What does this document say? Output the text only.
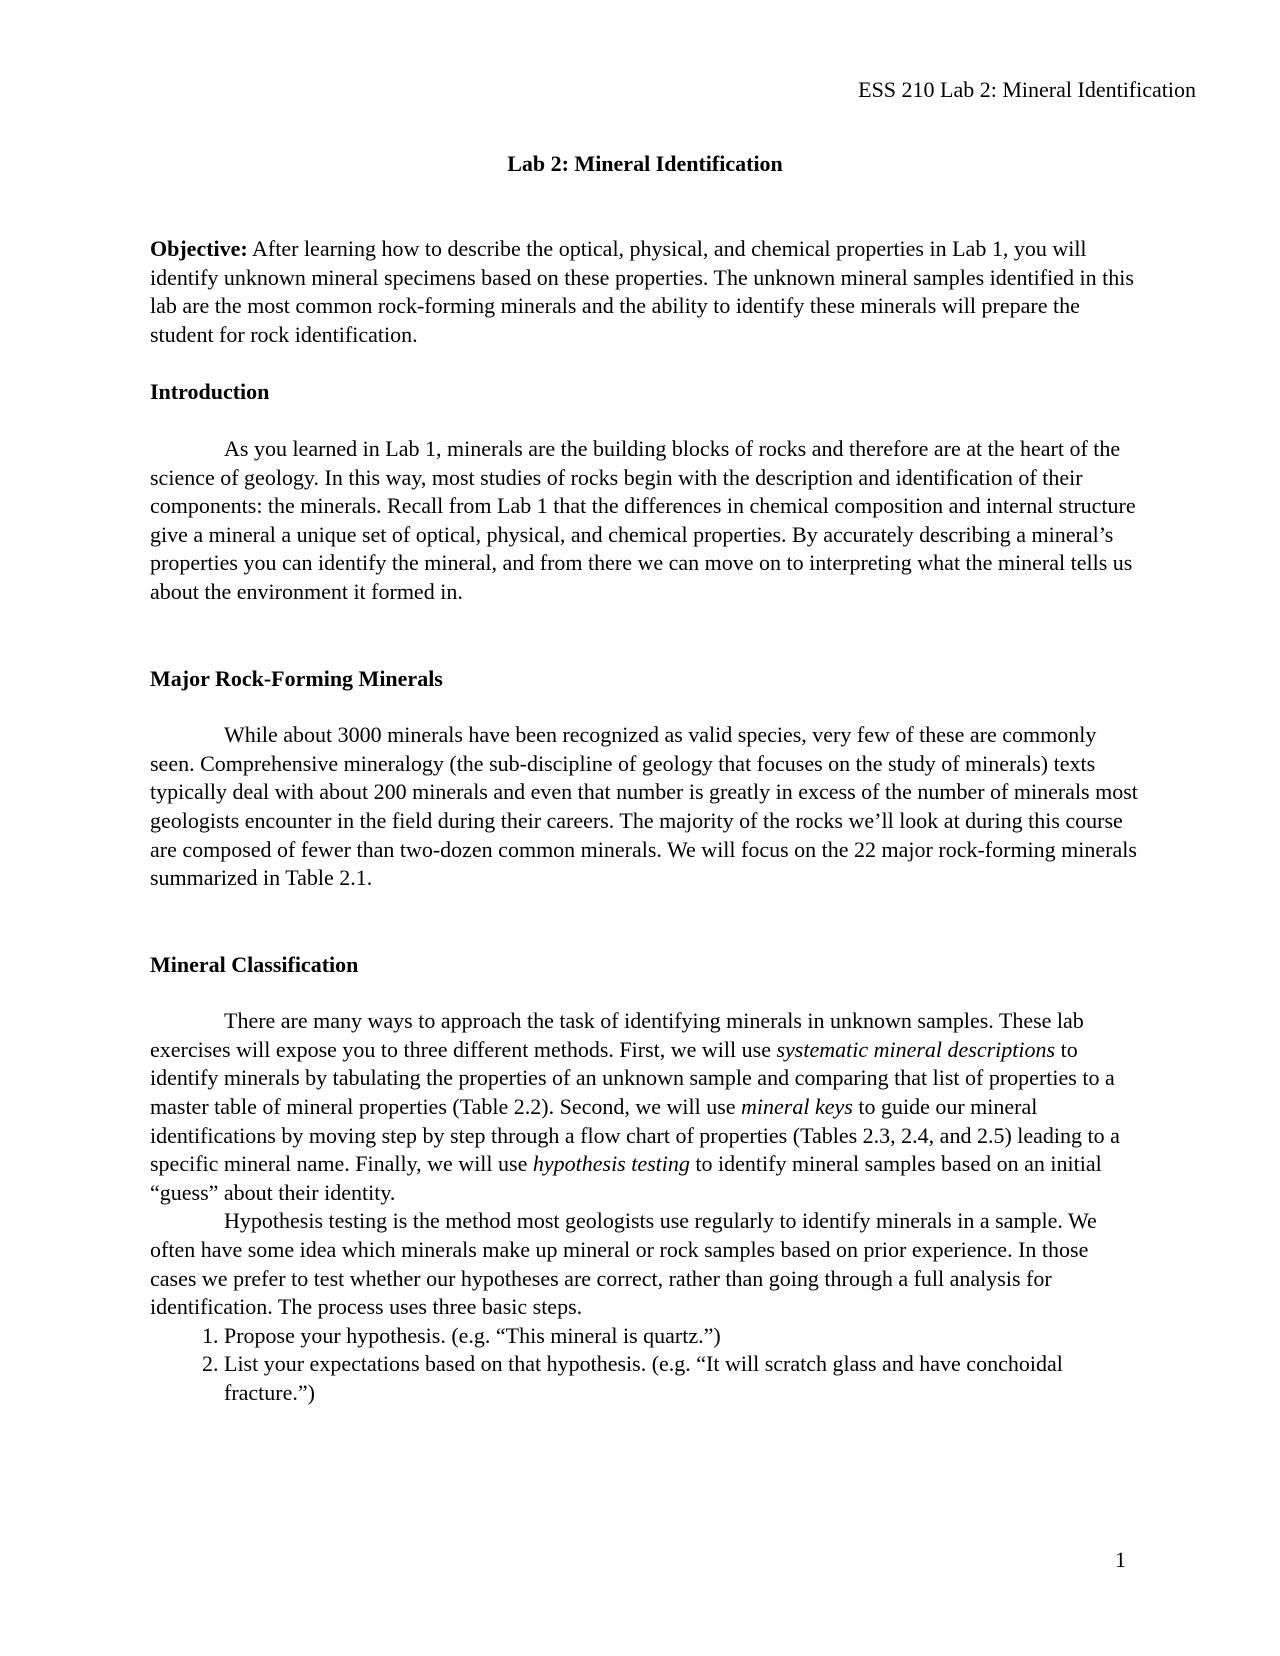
ESS 210 Lab 2: Mineral Identification

Lab 2: Mineral Identification

Objective: After learning how to describe the optical, physical, and chemical properties in Lab 1, you will identify unknown mineral specimens based on these properties. The unknown mineral samples identified in this lab are the most common rock-forming minerals and the ability to identify these minerals will prepare the student for rock identification.

Introduction

As you learned in Lab 1, minerals are the building blocks of rocks and therefore are at the heart of the science of geology. In this way, most studies of rocks begin with the description and identification of their components: the minerals. Recall from Lab 1 that the differences in chemical composition and internal structure give a mineral a unique set of optical, physical, and chemical properties. By accurately describing a mineral’s properties you can identify the mineral, and from there we can move on to interpreting what the mineral tells us about the environment it formed in.

Major Rock-Forming Minerals

While about 3000 minerals have been recognized as valid species, very few of these are commonly seen. Comprehensive mineralogy (the sub-discipline of geology that focuses on the study of minerals) texts typically deal with about 200 minerals and even that number is greatly in excess of the number of minerals most geologists encounter in the field during their careers. The majority of the rocks we’ll look at during this course are composed of fewer than two-dozen common minerals. We will focus on the 22 major rock-forming minerals summarized in Table 2.1.

Mineral Classification

There are many ways to approach the task of identifying minerals in unknown samples. These lab exercises will expose you to three different methods. First, we will use systematic mineral descriptions to identify minerals by tabulating the properties of an unknown sample and comparing that list of properties to a master table of mineral properties (Table 2.2). Second, we will use mineral keys to guide our mineral identifications by moving step by step through a flow chart of properties (Tables 2.3, 2.4, and 2.5) leading to a specific mineral name. Finally, we will use hypothesis testing to identify mineral samples based on an initial “guess” about their identity.

Hypothesis testing is the method most geologists use regularly to identify minerals in a sample. We often have some idea which minerals make up mineral or rock samples based on prior experience. In those cases we prefer to test whether our hypotheses are correct, rather than going through a full analysis for identification. The process uses three basic steps.

1. Propose your hypothesis. (e.g. “This mineral is quartz.”)
2. List your expectations based on that hypothesis. (e.g. “It will scratch glass and have conchoidal fracture.”)
1
